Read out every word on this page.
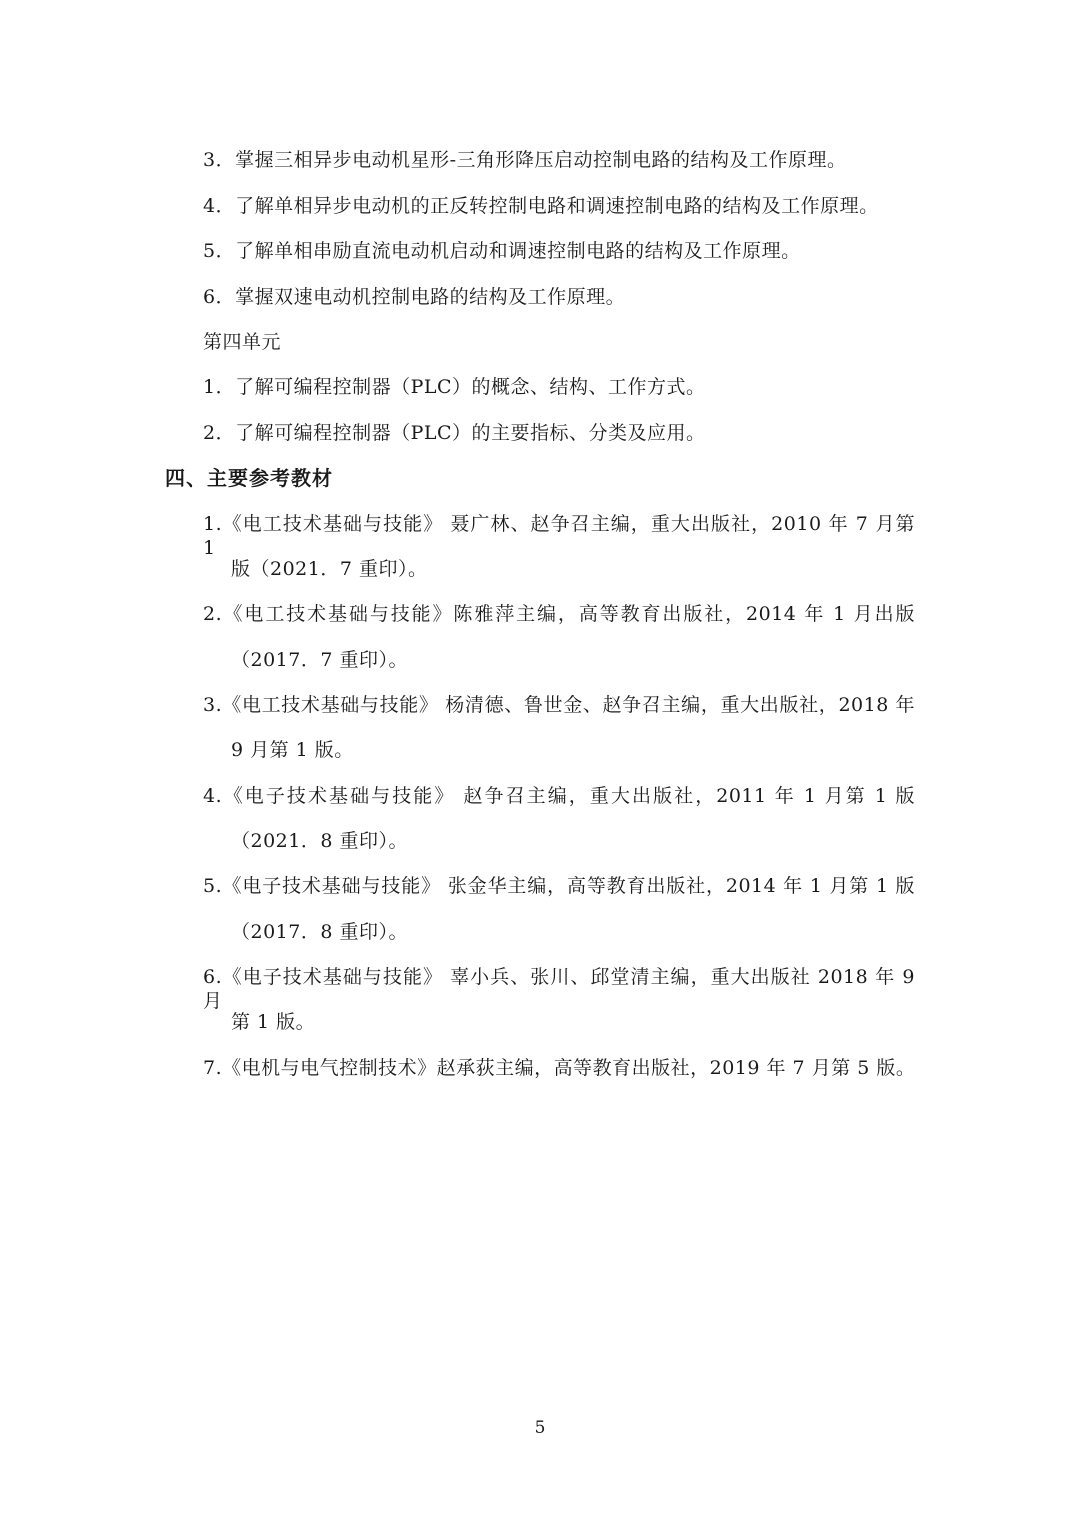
3．掌握三相异步电动机星形-三角形降压启动控制电路的结构及工作原理。
4．了解单相异步电动机的正反转控制电路和调速控制电路的结构及工作原理。
5．了解单相串励直流电动机启动和调速控制电路的结构及工作原理。
6．掌握双速电动机控制电路的结构及工作原理。
第四单元
1．了解可编程控制器（PLC）的概念、结构、工作方式。
2．了解可编程控制器（PLC）的主要指标、分类及应用。
四、主要参考教材
1.《电工技术基础与技能》 聂广林、赵争召主编，重大出版社，2010 年 7 月第 1
版（2021．7 重印）。
2.《电工技术基础与技能》陈雅萍主编，高等教育出版社，2014 年 1 月出版
（2017．7 重印）。
3.《电工技术基础与技能》 杨清德、鲁世金、赵争召主编，重大出版社，2018 年
9 月第 1 版。
4.《电子技术基础与技能》 赵争召主编，重大出版社，2011 年 1 月第 1 版
（2021．8 重印）。
5.《电子技术基础与技能》 张金华主编，高等教育出版社，2014 年 1 月第 1 版
（2017．8 重印）。
6.《电子技术基础与技能》 辜小兵、张川、邱堂清主编，重大出版社 2018 年 9 月
第 1 版。
7.《电机与电气控制技术》赵承荻主编，高等教育出版社，2019 年 7 月第 5 版。
5
